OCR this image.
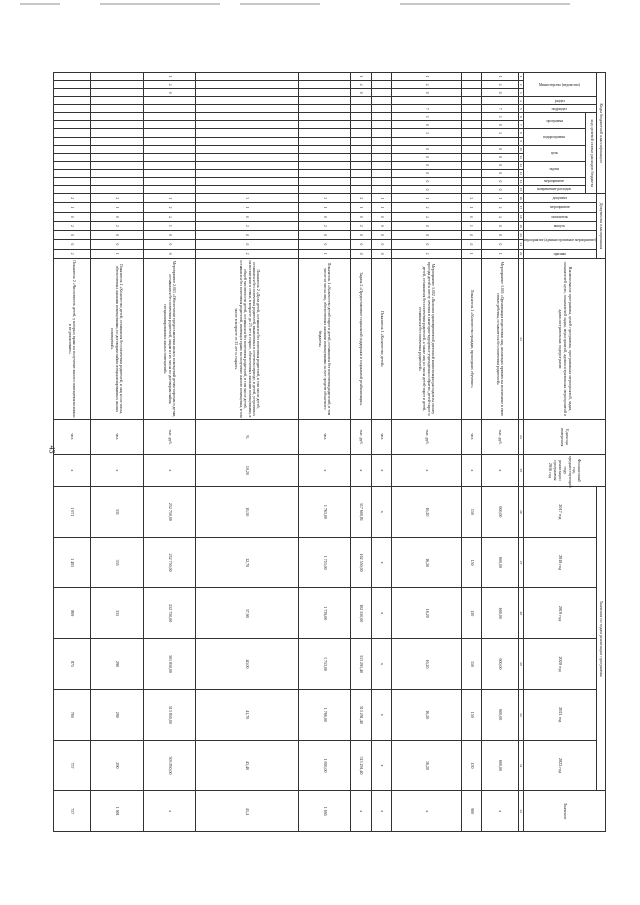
43
Коды бюджетной классификации															Документы планирования							Наименование программы, целей программы, программных мероприятий, задач, показателей цели, показателей задач, мероприятий, административных мероприятий и административных подпрограмм	Единица измерения	Финансовый год, предшествующий году реализации программы 2016 год	Значения по годам реализации программы						Значение

Министерство (ведомство)			раздел	подраздел	код целевой статьи расходов бюджета										документ	мероприятие	показатель	выпуск	мероприятие (административное мероприятие)		признак				2017 год	2018 год	2019 год	2020 год	2021 год	2022 год	

					программа		подпрограмма		цель		задача		мероприятие	направление расходов																	

1	2	3	4	5	6	7	8	9	10	11	12	13	14	15	16	17	18	19	20	21	22	23	24	25	26	27	28	29	30	31	32
1	4	0		7	1	0	1		0	0	0	0	0	0	1	2	4	0	0	0	1	Мероприятие 1.001 «Организация подготовки лиц, желающих принять на воспитание в свою семью ребенка, оставшегося без попечения родителей»	тыс. руб.	х	600,00	600,00	600,00	600,00	600,00	600,00	х
															2	1	0	1	0	0	1	Показатель 1 «Количество граждан, прошедших обучение»	чел.	х	150	150	150	150	150	150	900
1	4	0		7	1	0	1		0	0	0	0	0	0	1	2	4	0	0	0	2	Мероприятие 1.002 «Выплата единовременной денежной компенсации расходов на оплату проезда детей к месту лечения в санаторно-курортные учреждения и обратно, детей-сирот и детей, оставшихся без попечения родителей, а также лиц из числа детей-сирот и детей, оставшихся без попечения родителей»	тыс. руб.	х	16,20	16,20	16,20	16,20	16,20	16,20	х
															1	1	0	0	0	0	0	Показатель 1 «Количество детей»	чел.	х	х	х	х	х	х	х	х
1	4	0													2	1	0	2	0	0	0	Задача 2 «Предоставление социальной поддержки и социальной реабилитации»	тыс. руб.	х	317 600,81	162 550,00	162 550,00	313 291,40	313 291,40	313 291,40	х
															3	1	0	2	0	0	1	Показатель 1 «Количество детей-сирот и детей, оставшихся без попечения родителей, в том числе из числа лиц, обеспеченных жилыми помещениями за счет средств областного бюджета»	чел.	х	1 763,00	1 753,00	1 739,00	1 753,00	1 766,00	1 695,00	1 695
															3	1	0	2	0	0	2	Показатель 2 «Доля детей, оставшихся без попечения родителей, в том числе детей, оставшихся без попечения родителей, выявленных в отчетном периоде, и детей, устроенных на воспитание в семьи, в возрасте до 23 лет и старше, обеспеченных жилыми помещениями, в общей численности детей, оставшихся без попечения родителей, в том числе детей, оставшихся без попечения родителей, имеющих право на получение жилого помещения, в том числе в возрасте от 23 лет и старше»	%	10,20	10,50	12,70	37,90	40,00	41,70	43,40	43,4
1	4	0													1	2	4	1	0	0	0	Мероприятие 2.001 «Обеспечение предоставления жилых помещений детям-сиротам и детям, оставшимся без попечения родителей, лицам из их числа по договорам найма специализированных жилых помещений»	тыс. руб.	х	252 750,00	252 750,00	252 750,00	301 850,00	313 850,00	303 850,00	х
															2	1	0	2	0	0	1	Показатель 1 «Количество детей, оставшихся без попечения родителей, и лиц из их числа, обеспеченных жилыми помещениями, по договорам найма специализированных жилых помещений»	чел.	х	331	335	335	290	290	290	1 901
															2	1	0	2	0	0	2	Показатель 2 «Численность детей, у которых право на получение жилого помещения возникло и не реализовано»	чел.	х	1 671	1 403	869	875	760	757	757
